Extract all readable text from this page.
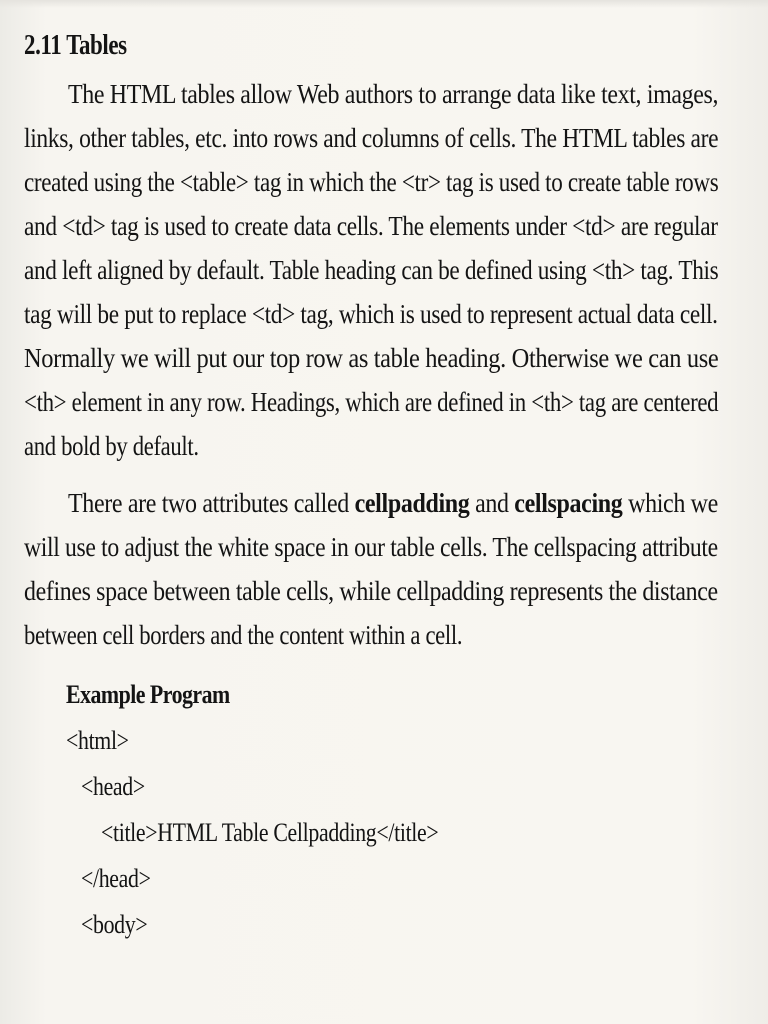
2.11 Tables
The HTML tables allow Web authors to arrange data like text, images,
links, other tables, etc. into rows and columns of cells. The HTML tables are
created using the <table> tag in which the <tr> tag is used to create table rows
and <td> tag is used to create data cells. The elements under <td> are regular
and left aligned by default. Table heading can be defined using <th> tag. This
tag will be put to replace <td> tag, which is used to represent actual data cell.
Normally we will put our top row as table heading. Otherwise we can use
<th> element in any row. Headings, which are defined in <th> tag are centered
and bold by default.
There are two attributes called cellpadding and cellspacing which we
will use to adjust the white space in our table cells. The cellspacing attribute
defines space between table cells, while cellpadding represents the distance
between cell borders and the content within a cell.
Example Program
<html>
<head>
<title>HTML Table Cellpadding</title>
</head>
<body>
